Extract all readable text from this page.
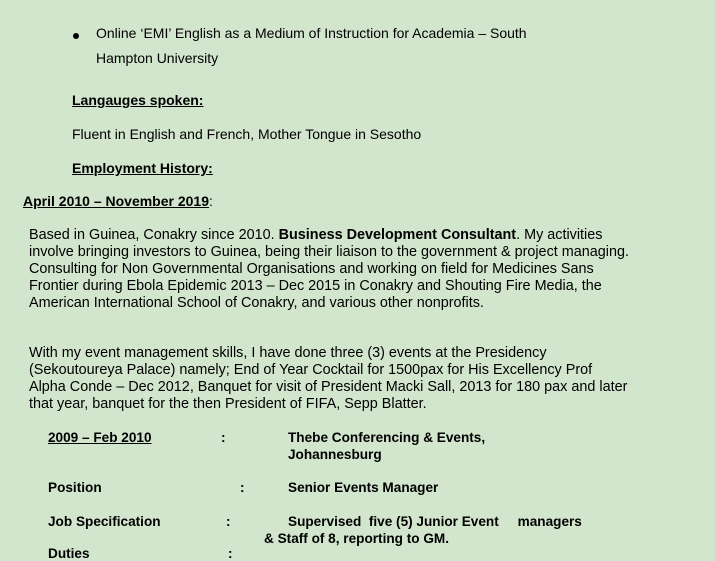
Online ‘EMI’ English as a Medium of Instruction for Academia – South
Hampton University
Langauges spoken:
Fluent in English and French, Mother Tongue in Sesotho
Employment History:
April 2010 – November 2019:
Based in Guinea, Conakry since 2010. Business Development Consultant. My activities involve bringing investors to Guinea, being their liaison to the government & project managing. Consulting for Non Governmental Organisations and working on field for Medicines Sans Frontier during Ebola Epidemic 2013 – Dec 2015 in Conakry and Shouting Fire Media, the American International School of Conakry, and various other nonprofits.
With my event management skills, I have done three (3) events at the Presidency (Sekoutoureya Palace) namely; End of Year Cocktail for 1500pax for His Excellency Prof Alpha Conde – Dec 2012, Banquet for visit of President Macki Sall, 2013 for 180 pax and later that year, banquet for the then President of FIFA, Sepp Blatter.
2009 – Feb 2010	:	Thebe Conferencing & Events,
Johannesburg
Position	:	Senior Events Manager
Job Specification	:	Supervised  five (5) Junior Event     managers
& Staff of 8, reporting to GM.
Duties	:
